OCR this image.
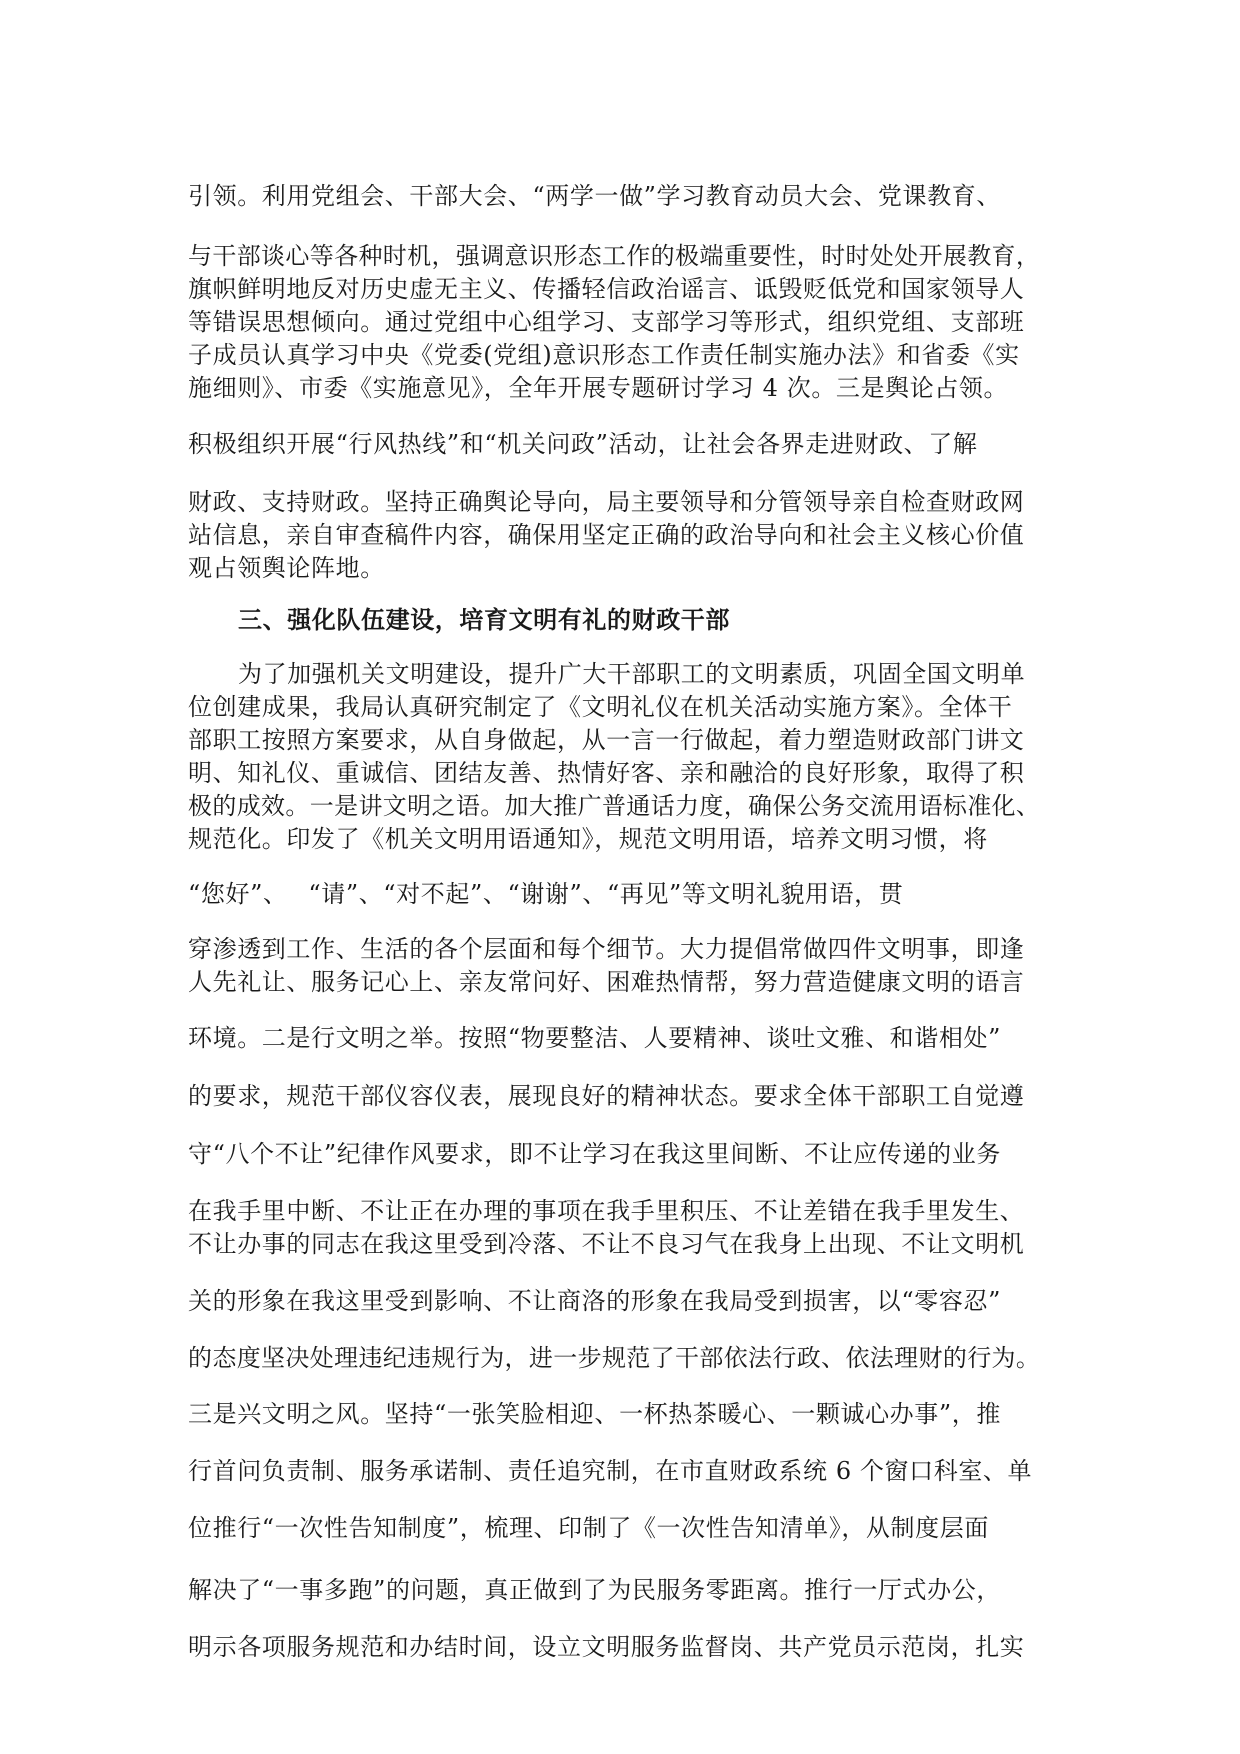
引领。利用党组会、干部大会、“两学一做”学习教育动员大会、党课教育、
与干部谈心等各种时机，强调意识形态工作的极端重要性，时时处处开展教育，
旗帜鲜明地反对历史虚无主义、传播轻信政治谣言、诋毁贬低党和国家领导人
等错误思想倾向。通过党组中心组学习、支部学习等形式，组织党组、支部班
子成员认真学习中央《党委(党组)意识形态工作责任制实施办法》和省委《实
施细则》、市委《实施意见》，全年开展专题研讨学习 4 次。三是舆论占领。
积极组织开展“行风热线”和“机关问政”活动，让社会各界走进财政、了解
财政、支持财政。坚持正确舆论导向，局主要领导和分管领导亲自检查财政网
站信息，亲自审查稿件内容，确保用坚定正确的政治导向和社会主义核心价值
观占领舆论阵地。
三、强化队伍建设，培育文明有礼的财政干部
为了加强机关文明建设，提升广大干部职工的文明素质，巩固全国文明单
位创建成果，我局认真研究制定了《文明礼仪在机关活动实施方案》。全体干
部职工按照方案要求，从自身做起，从一言一行做起，着力塑造财政部门讲文
明、知礼仪、重诚信、团结友善、热情好客、亲和融洽的良好形象，取得了积
极的成效。一是讲文明之语。加大推广普通话力度，确保公务交流用语标准化、
规范化。印发了《机关文明用语通知》，规范文明用语，培养文明习惯，将
“您好”、　 “请”、“对不起”、“谢谢”、“再见”等文明礼貌用语，贯
穿渗透到工作、生活的各个层面和每个细节。大力提倡常做四件文明事，即逢
人先礼让、服务记心上、亲友常问好、困难热情帮，努力营造健康文明的语言
环境。二是行文明之举。按照“物要整洁、人要精神、谈吐文雅、和谐相处”
的要求，规范干部仪容仪表，展现良好的精神状态。要求全体干部职工自觉遵
守“八个不让”纪律作风要求，即不让学习在我这里间断、不让应传递的业务
在我手里中断、不让正在办理的事项在我手里积压、不让差错在我手里发生、
不让办事的同志在我这里受到冷落、不让不良习气在我身上出现、不让文明机
关的形象在我这里受到影响、不让商洛的形象在我局受到损害，以“零容忍”
的态度坚决处理违纪违规行为，进一步规范了干部依法行政、依法理财的行为。
三是兴文明之风。坚持“一张笑脸相迎、一杯热茶暖心、一颗诚心办事”，推
行首问负责制、服务承诺制、责任追究制，在市直财政系统 6 个窗口科室、单
位推行“一次性告知制度”，梳理、印制了《一次性告知清单》，从制度层面
解决了“一事多跑”的问题，真正做到了为民服务零距离。推行一厅式办公，
明示各项服务规范和办结时间，设立文明服务监督岗、共产党员示范岗，扎实
